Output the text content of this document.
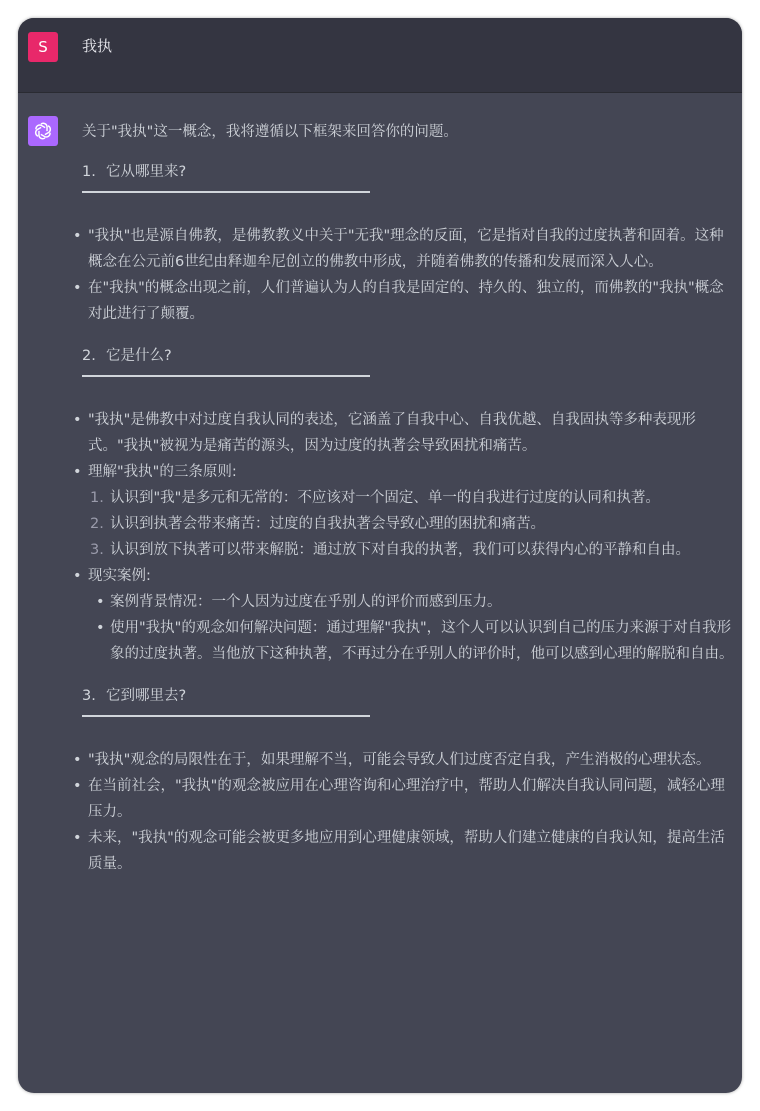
S	我执

关于"我执"这一概念，我将遵循以下框架来回答你的问题。

1. 它从哪里来?
• "我执"也是源自佛教，是佛教教义中关于"无我"理念的反面，它是指对自我的过度执著和固着。这种概念在公元前6世纪由释迦牟尼创立的佛教中形成，并随着佛教的传播和发展而深入人心。
• 在"我执"的概念出现之前，人们普遍认为人的自我是固定的、持久的、独立的，而佛教的"我执"概念对此进行了颠覆。
2. 它是什么?
• "我执"是佛教中对过度自我认同的表述，它涵盖了自我中心、自我优越、自我固执等多种表现形式。"我执"被视为是痛苦的源头，因为过度的执著会导致困扰和痛苦。
• 理解"我执"的三条原则:
1. 认识到"我"是多元和无常的：不应该对一个固定、单一的自我进行过度的认同和执著。
2. 认识到执著会带来痛苦：过度的自我执著会导致心理的困扰和痛苦。
3. 认识到放下执著可以带来解脱：通过放下对自我的执著，我们可以获得内心的平静和自由。
• 现实案例:
• 案例背景情况：一个人因为过度在乎别人的评价而感到压力。
• 使用"我执"的观念如何解决问题：通过理解"我执"，这个人可以认识到自己的压力来源于对自我形象的过度执著。当他放下这种执著，不再过分在乎别人的评价时，他可以感到心理的解脱和自由。
3. 它到哪里去?
• "我执"观念的局限性在于，如果理解不当，可能会导致人们过度否定自我，产生消极的心理状态。
• 在当前社会，"我执"的观念被应用在心理咨询和心理治疗中，帮助人们解决自我认同问题，减轻心理压力。
• 未来，"我执"的观念可能会被更多地应用到心理健康领域，帮助人们建立健康的自我认知，提高生活质量。
